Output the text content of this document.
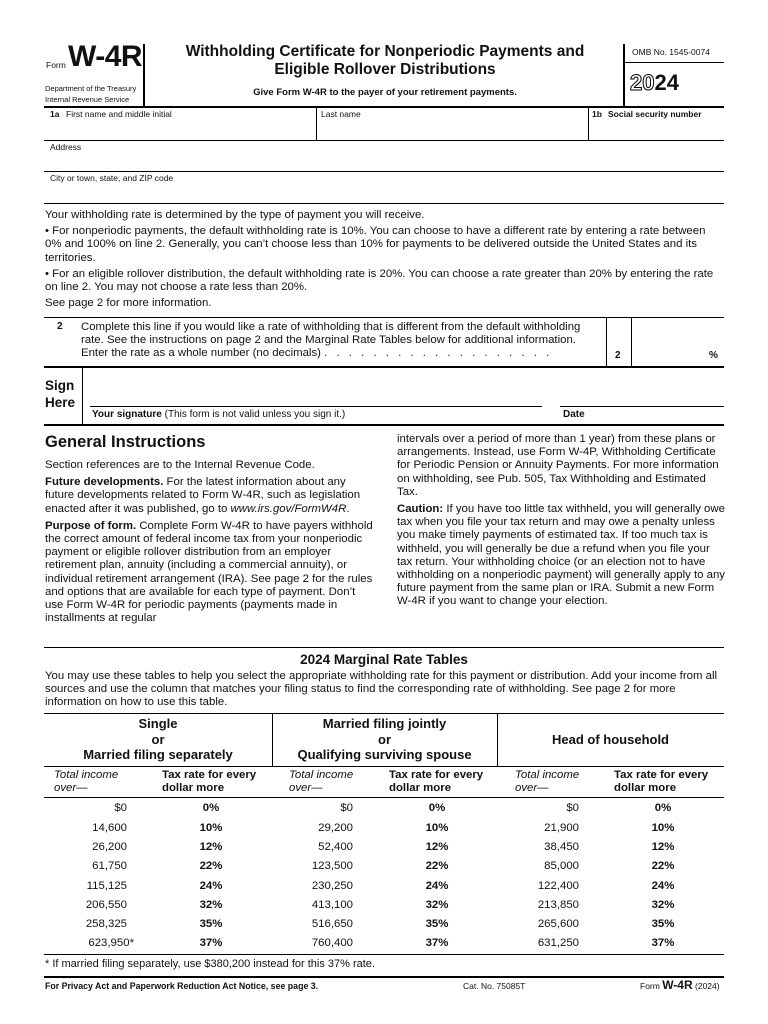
Form W-4R
Department of the Treasury
Internal Revenue Service
Withholding Certificate for Nonperiodic Payments and
Eligible Rollover Distributions
Give Form W-4R to the payer of your retirement payments.
OMB No. 1545-0074
2024
1a First name and middle initial	Last name	1b Social security number
Address
City or town, state, and ZIP code

Your withholding rate is determined by the type of payment you will receive.

• For nonperiodic payments, the default withholding rate is 10%. You can choose to have a different rate by entering a rate between 0% and 100% on line 2. Generally, you can’t choose less than 10% for payments to be delivered outside the United States and its territories.

• For an eligible rollover distribution, the default withholding rate is 20%. You can choose a rate greater than 20% by entering the rate on line 2. You may not choose a rate less than 20%.

See page 2 for more information.

2 Complete this line if you would like a rate of withholding that is different from the default withholding
rate. See the instructions on page 2 and the Marginal Rate Tables below for additional information.
Enter the rate as a whole number (no decimals) . . . . . . . . . . . . . . . . . . .	2	%
Sign
Here
Your signature (This form is not valid unless you sign it.)	Date
General Instructions

Section references are to the Internal Revenue Code.

Future developments. For the latest information about any future developments related to Form W-4R, such as legislation enacted after it was published, go to www.irs.gov/FormW4R.

Purpose of form. Complete Form W-4R to have payers withhold the correct amount of federal income tax from your nonperiodic payment or eligible rollover distribution from an employer retirement plan, annuity (including a commercial annuity), or individual retirement arrangement (IRA). See page 2 for the rules and options that are available for each type of payment. Don’t use Form W-4R for periodic payments (payments made in installments at regular

intervals over a period of more than 1 year) from these plans or arrangements. Instead, use Form W-4P, Withholding Certificate for Periodic Pension or Annuity Payments. For more information on withholding, see Pub. 505, Tax Withholding and Estimated Tax.

Caution: If you have too little tax withheld, you will generally owe tax when you file your tax return and may owe a penalty unless you make timely payments of estimated tax. If too much tax is withheld, you will generally be due a refund when you file your tax return. Your withholding choice (or an election not to have withholding on a nonperiodic payment) will generally apply to any future payment from the same plan or IRA. Submit a new Form W-4R if you want to change your election.

2024 Marginal Rate Tables
You may use these tables to help you select the appropriate withholding rate for this payment or distribution. Add your income from all sources and use the column that matches your filing status to find the corresponding rate of withholding. See page 2 for more information on how to use this table.
Single
or
Married filing separately
Married filing jointly
or
Qualifying surviving spouse
Head of household
Total income
over—
Tax rate for every
dollar more
Total income
over—
Tax rate for every
dollar more
Total income
over—
Tax rate for every
dollar more
$0	0%	$0	0%	$0	0%
14,600	10%	29,200	10%	21,900	10%
26,200	12%	52,400	12%	38,450	12%
61,750	22%	123,500	22%	85,000	22%
115,125	24%	230,250	24%	122,400	24%
206,550	32%	413,100	32%	213,850	32%
258,325	35%	516,650	35%	265,600	35%
623,950*	37%	760,400	37%	631,250	37%
* If married filing separately, use $380,200 instead for this 37% rate.
For Privacy Act and Paperwork Reduction Act Notice, see page 3.	Cat. No. 75085T	Form W-4R (2024)
